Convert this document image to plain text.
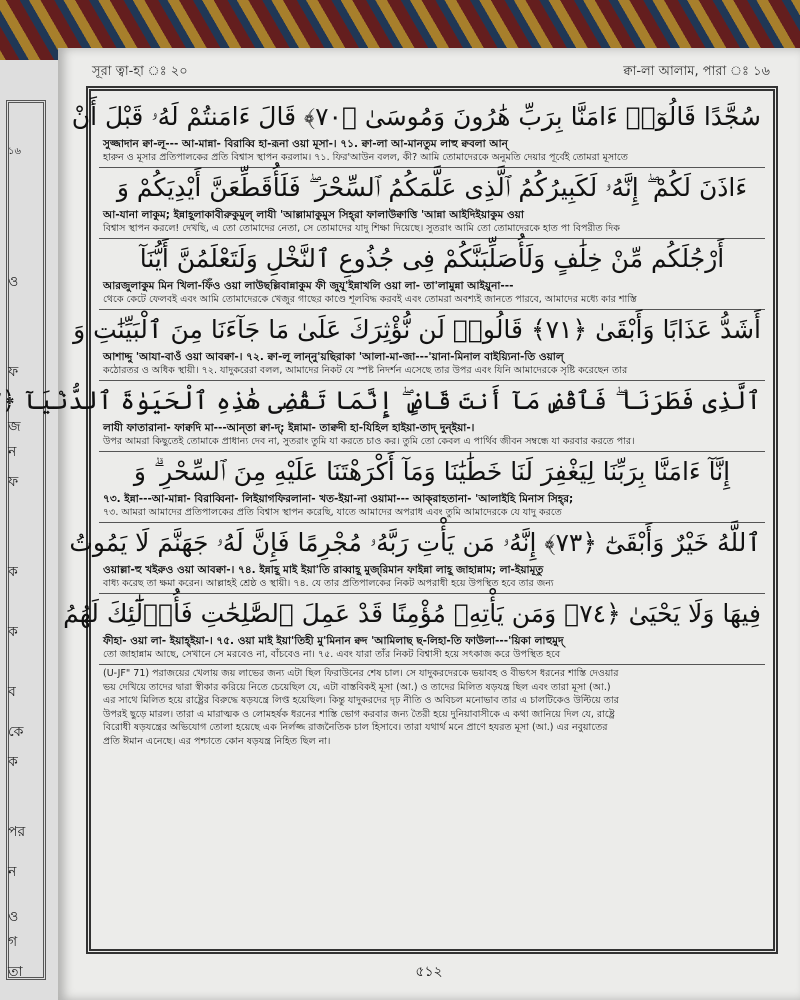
১৬
ও
ফ
জ
ন
ফ
ক
ক
ব
কে
ক
পর
ন
ও
গ
তা
সূরা ত্বা-হা ঃ ২০	ক্বা-লা আলাম, পারা ঃ ১৬
سُجَّدًا قَالُوٓا۟ ءَامَنَّا بِرَبِّ هَٰرُونَ وَمُوسَىٰ ﴿٧٠﴾ قَالَ ءَامَنتُمْ لَهُۥ قَبْلَ أَنْ
সুজ্জাদান ক্বা-লূ--- আ-মান্না- বিরাব্বি হা-রূনা ওয়া মূসা-। ৭১. ক্বা-লা আ-মানতুম লাহু ক্ববলা আন্
হারুন ও মূসার প্রতিপালকের প্রতি বিশ্বাস স্থাপন করলাম। ৭১. ফির'আউন বলল, কী? আমি তোমাদেরকে অনুমতি দেয়ার পূর্বেই তোমরা মূসাতে
ءَاذَنَ لَكُمْ ۖ إِنَّهُۥ لَكَبِيرُكُمُ ٱلَّذِى عَلَّمَكُمُ ٱلسِّحْرَ ۖ فَلَأُقَطِّعَنَّ أَيْدِيَكُمْ وَ
আ-যানা লাকুম; ইন্নাহূলাকাবীরুকুমুল্ লাযী 'আল্লামাকুমুস সিহ্‌রা ফালাউক্বাত্তি 'আন্না আইদিইয়াকুম ওয়া
বিশ্বাস স্থাপন করলে! দেখছি, এ তো তোমাদের নেতা, সে তোমাদের যাদু শিক্ষা দিয়েছে। সুতরাং আমি তো তোমাদেরকে হাত পা বিপরীত দিক
أَرْجُلَكُم مِّنْ خِلَٰفٍ وَلَأُصَلِّبَنَّكُمْ فِى جُذُوعِ ٱلنَّخْلِ وَلَتَعْلَمُنَّ أَيُّنَآ
আরজুলাকুম মিন খিলা-ফিঁও ওয়া লাউছল্লিবান্নাকুম ফী জুযূ'ইন্নাখলি ওয়া লা- তা'লামুন্না আইয়ুনা---
থেকে কেটে ফেলবই এবং আমি তোমাদেরকে খেজুর গাছের কাণ্ডে শূলবিদ্ধ করবই এবং তোমরা অবশ্যই জানতে পারবে, আমাদের মধ্যে কার শাস্তি
أَشَدُّ عَذَابًا وَأَبْقَىٰ ﴿٧١﴾ قَالُوا۟ لَن نُّؤْثِرَكَ عَلَىٰ مَا جَآءَنَا مِنَ ٱلْبَيِّنَٰتِ وَ
আশাদ্দু 'আযা-বাওঁ ওয়া আবক্বা-। ৭২. ক্বা-লূ লান্‌নু'য়ছিরাকা 'আলা-মা-জা---'য়ানা-মিনাল বাইয়্যিনা-তি ওয়াল্
কঠোরতর ও অধিক স্থায়ী। ৭২. যাদুকরেরা বলল, আমাদের নিকট যে স্পষ্ট নিদর্শন এসেছে তার উপর এবং যিনি আমাদেরকে সৃষ্টি করেছেন তার
ٱلَّذِى فَطَرَنَا ۖ فَٱقْضِ مَآ أَنتَ قَاضٍ ۖ إِنَّمَا تَقْضِى هَٰذِهِ ٱلْحَيَوٰةَ ٱلدُّنْيَآ ﴿
লাযী ফাতারানা- ফাক্বদি মা---আন্‌তা ক্বা-দ্; ইন্নামা- তাক্বদী হা-যিহিল হাইয়া-তাদ্ দুন্‌ইয়া-।
উপর আমরা কিছুতেই তোমাকে প্রাধান্য দেব না, সুতরাং তুমি যা করতে চাও কর। তুমি তো কেবল এ পার্থিব জীবন সম্বন্ধে যা করবার করতে পার।
إِنَّآ ءَامَنَّا بِرَبِّنَا لِيَغْفِرَ لَنَا خَطَٰيَٰنَا وَمَآ أَكْرَهْتَنَا عَلَيْهِ مِنَ ٱلسِّحْرِ ۗ وَ
৭৩. ইন্না---আ-মান্না- বিরাব্বিনা- লিইয়াগফিরলানা- খত-ইয়া-না ওয়ামা--- আক্‌রাহতানা- 'আলাইহি মিনাস সিহ্‌র;
৭৩. আমরা আমাদের প্রতিপালকের প্রতি বিশ্বাস স্থাপন করেছি, যাতে আমাদের অপরাধ এবং তুমি আমাদেরকে যে যাদু করতে
ٱللَّهُ خَيْرٌ وَأَبْقَىٰٓ ﴿٧٣﴾ إِنَّهُۥ مَن يَأْتِ رَبَّهُۥ مُجْرِمًا فَإِنَّ لَهُۥ جَهَنَّمَ لَا يَمُوتُ
ওয়াল্লা-হু খইরুও ওয়া আবক্বা-। ৭৪. ইন্নাহূ মাই ইয়া'তি রাব্বাহূ মুজ্‌রিমান ফাইন্না লাহূ জাহান্নাম; লা-ইয়ামূতু
বাধ্য করেছ তা ক্ষমা করেন। আল্লাহই শ্রেষ্ঠ ও স্থায়ী। ৭৪. যে তার প্রতিপালকের নিকট অপরাধী হয়ে উপস্থিত হবে তার জন্য
فِيهَا وَلَا يَحْيَىٰ ﴿٧٤﴾ وَمَن يَأْتِهِۦ مُؤْمِنًا قَدْ عَمِلَ ٱلصَّٰلِحَٰتِ فَأُو۟لَٰٓئِكَ لَهُمُ
ফীহা- ওয়া লা- ইয়াহ্‌ইয়া-। ৭৫. ওয়া মাই ইয়া'তিহী মু'মিনান ক্বদ 'আমিলাছ ছ-লিহা-তি ফাউলা---'য়িকা লাহুমুদ্
তো জাহান্নাম আছে, সেখানে সে মরবেও না, বাঁচবেও না। ৭৫. এবং যারা তাঁর নিকট বিশ্বাসী হয়ে সৎকাজ করে উপস্থিত হবে
(U-JF" 71) পরাজয়ের খেলায় জয় লাভের জন্য এটা ছিল ফিরাউনের শেষ চাল। সে যাদুকরদেরকে ভয়াবহ ও বীভৎস ধরনের শাস্তি দেওয়ার
ভয় দেখিয়ে তাদের দ্বারা স্বীকার করিয়ে নিতে চেয়েছিল যে, এটা বাস্তবিকই মূসা (আ.) ও তাদের মিলিত ষড়যন্ত্র ছিল এবং তারা মূসা (আ.)
এর সাথে মিলিত হয়ে রাষ্ট্রের বিরুদ্ধে ষড়যন্ত্রে লিপ্ত হয়েছিল। কিন্তু যাদুকরদের দৃঢ় নীতি ও অবিচল মনোভাব তার এ চালটিকেও উল্টিয়ে তার
উপরই ছুড়ে মারল। তারা এ মারাত্মক ও লোমহর্ষক ধরনের শাস্তি ভোগ করবার জন্য তৈরী হয়ে দুনিয়াবাসীকে এ কথা জানিয়ে দিল যে, রাষ্ট্রে
বিরোধী ষড়যন্ত্রের অভিযোগ তোলা হয়েছে এক নির্লজ্জ রাজনৈতিক চাল হিসাবে। তারা যথার্থ মনে প্রাণে হযরত মূসা (আ.) এর নবুয়াতের
প্রতি ঈমান এনেছে। এর পশ্চাতে কোন ষড়যন্ত্র নিহিত ছিল না।
৫১২
